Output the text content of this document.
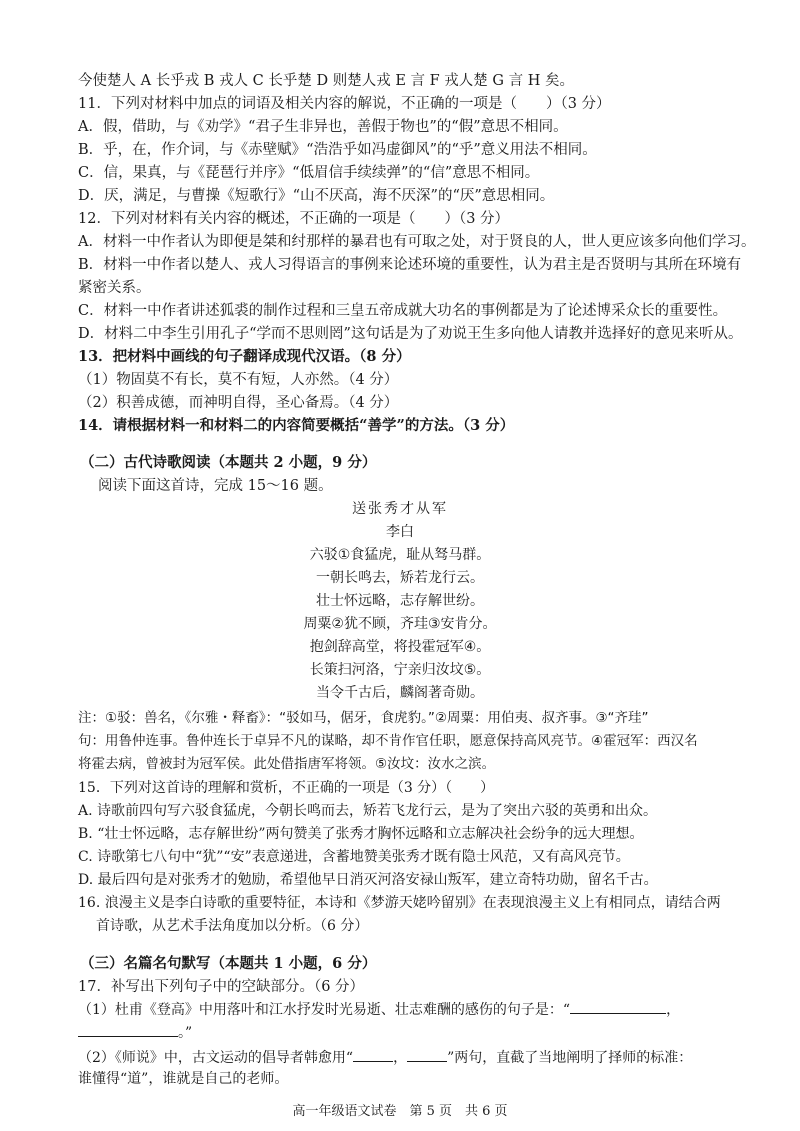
今使楚人 A 长乎戎 B 戎人 C 长乎楚 D 则楚人戎 E 言 F 戎人楚 G 言 H 矣。
11．下列对材料中加点的词语及相关内容的解说，不正确的一项是（　　）（3 分）
A．假，借助，与《劝学》“君子生非异也，善假于物也”的“假”意思不相同。
B．乎，在，作介词，与《赤壁赋》“浩浩乎如冯虚御风”的“乎”意义用法不相同。
C．信，果真，与《琵琶行并序》“低眉信手续续弹”的“信”意思不相同。
D．厌，满足，与曹操《短歌行》“山不厌高，海不厌深”的“厌”意思相同。
12．下列对材料有关内容的概述，不正确的一项是（　　）（3 分）
A．材料一中作者认为即便是桀和纣那样的暴君也有可取之处，对于贤良的人，世人更应该多向他们学习。
B．材料一中作者以楚人、戎人习得语言的事例来论述环境的重要性，认为君主是否贤明与其所在环境有
紧密关系。
C．材料一中作者讲述狐裘的制作过程和三皇五帝成就大功名的事例都是为了论述博采众长的重要性。
D．材料二中李生引用孔子“学而不思则罔”这句话是为了劝说王生多向他人请教并选择好的意见来听从。
13．把材料中画线的句子翻译成现代汉语。（8 分）
（1）物固莫不有长，莫不有短，人亦然。（4 分）
（2）积善成德，而神明自得，圣心备焉。（4 分）
14．请根据材料一和材料二的内容简要概括“善学”的方法。（3 分）
（二）古代诗歌阅读（本题共 2 小题，9 分）
阅读下面这首诗，完成 15～16 题。
送张秀才从军
李白
六驳①食猛虎，耻从驽马群。
一朝长鸣去，矫若龙行云。
壮士怀远略，志存解世纷。
周粟②犹不顾，齐珪③安肯分。
抱剑辞高堂，将投霍冠军④。
长策扫河洛，宁亲归汝坟⑤。
当令千古后，麟阁著奇勋。
注：①驳：兽名，《尔雅・释畜》：“驳如马，倨牙，食虎豹。”②周粟：用伯夷、叔齐事。③“齐珪”
句：用鲁仲连事。鲁仲连长于卓异不凡的谋略，却不肯作官任职，愿意保持高风亮节。④霍冠军：西汉名
将霍去病，曾被封为冠军侯。此处借指唐军将领。⑤汝坟：汝水之滨。
15．下列对这首诗的理解和赏析，不正确的一项是（3 分）（　　）
A. 诗歌前四句写六驳食猛虎，今朝长鸣而去，矫若飞龙行云，是为了突出六驳的英勇和出众。
B. “壮士怀远略，志存解世纷”两句赞美了张秀才胸怀远略和立志解决社会纷争的远大理想。
C. 诗歌第七八句中“犹”“安”表意递进，含蓄地赞美张秀才既有隐士风范，又有高风亮节。
D. 最后四句是对张秀才的勉励，希望他早日消灭河洛安禄山叛军，建立奇特功勋，留名千古。
16. 浪漫主义是李白诗歌的重要特征，本诗和《梦游天姥吟留别》在表现浪漫主义上有相同点，请结合两
首诗歌，从艺术手法角度加以分析。（6 分）
（三）名篇名句默写（本题共 1 小题，6 分）
17．补写出下列句子中的空缺部分。（6 分）
（1）杜甫《登高》中用落叶和江水抒发时光易逝、壮志难酬的感伤的句子是：“	，
。”
（2）《师说》中，古文运动的倡导者韩愈用“	，	”两句，直截了当地阐明了择师的标准：
谁懂得“道”，谁就是自己的老师。
高一年级语文试卷　第 5 页　共 6 页
